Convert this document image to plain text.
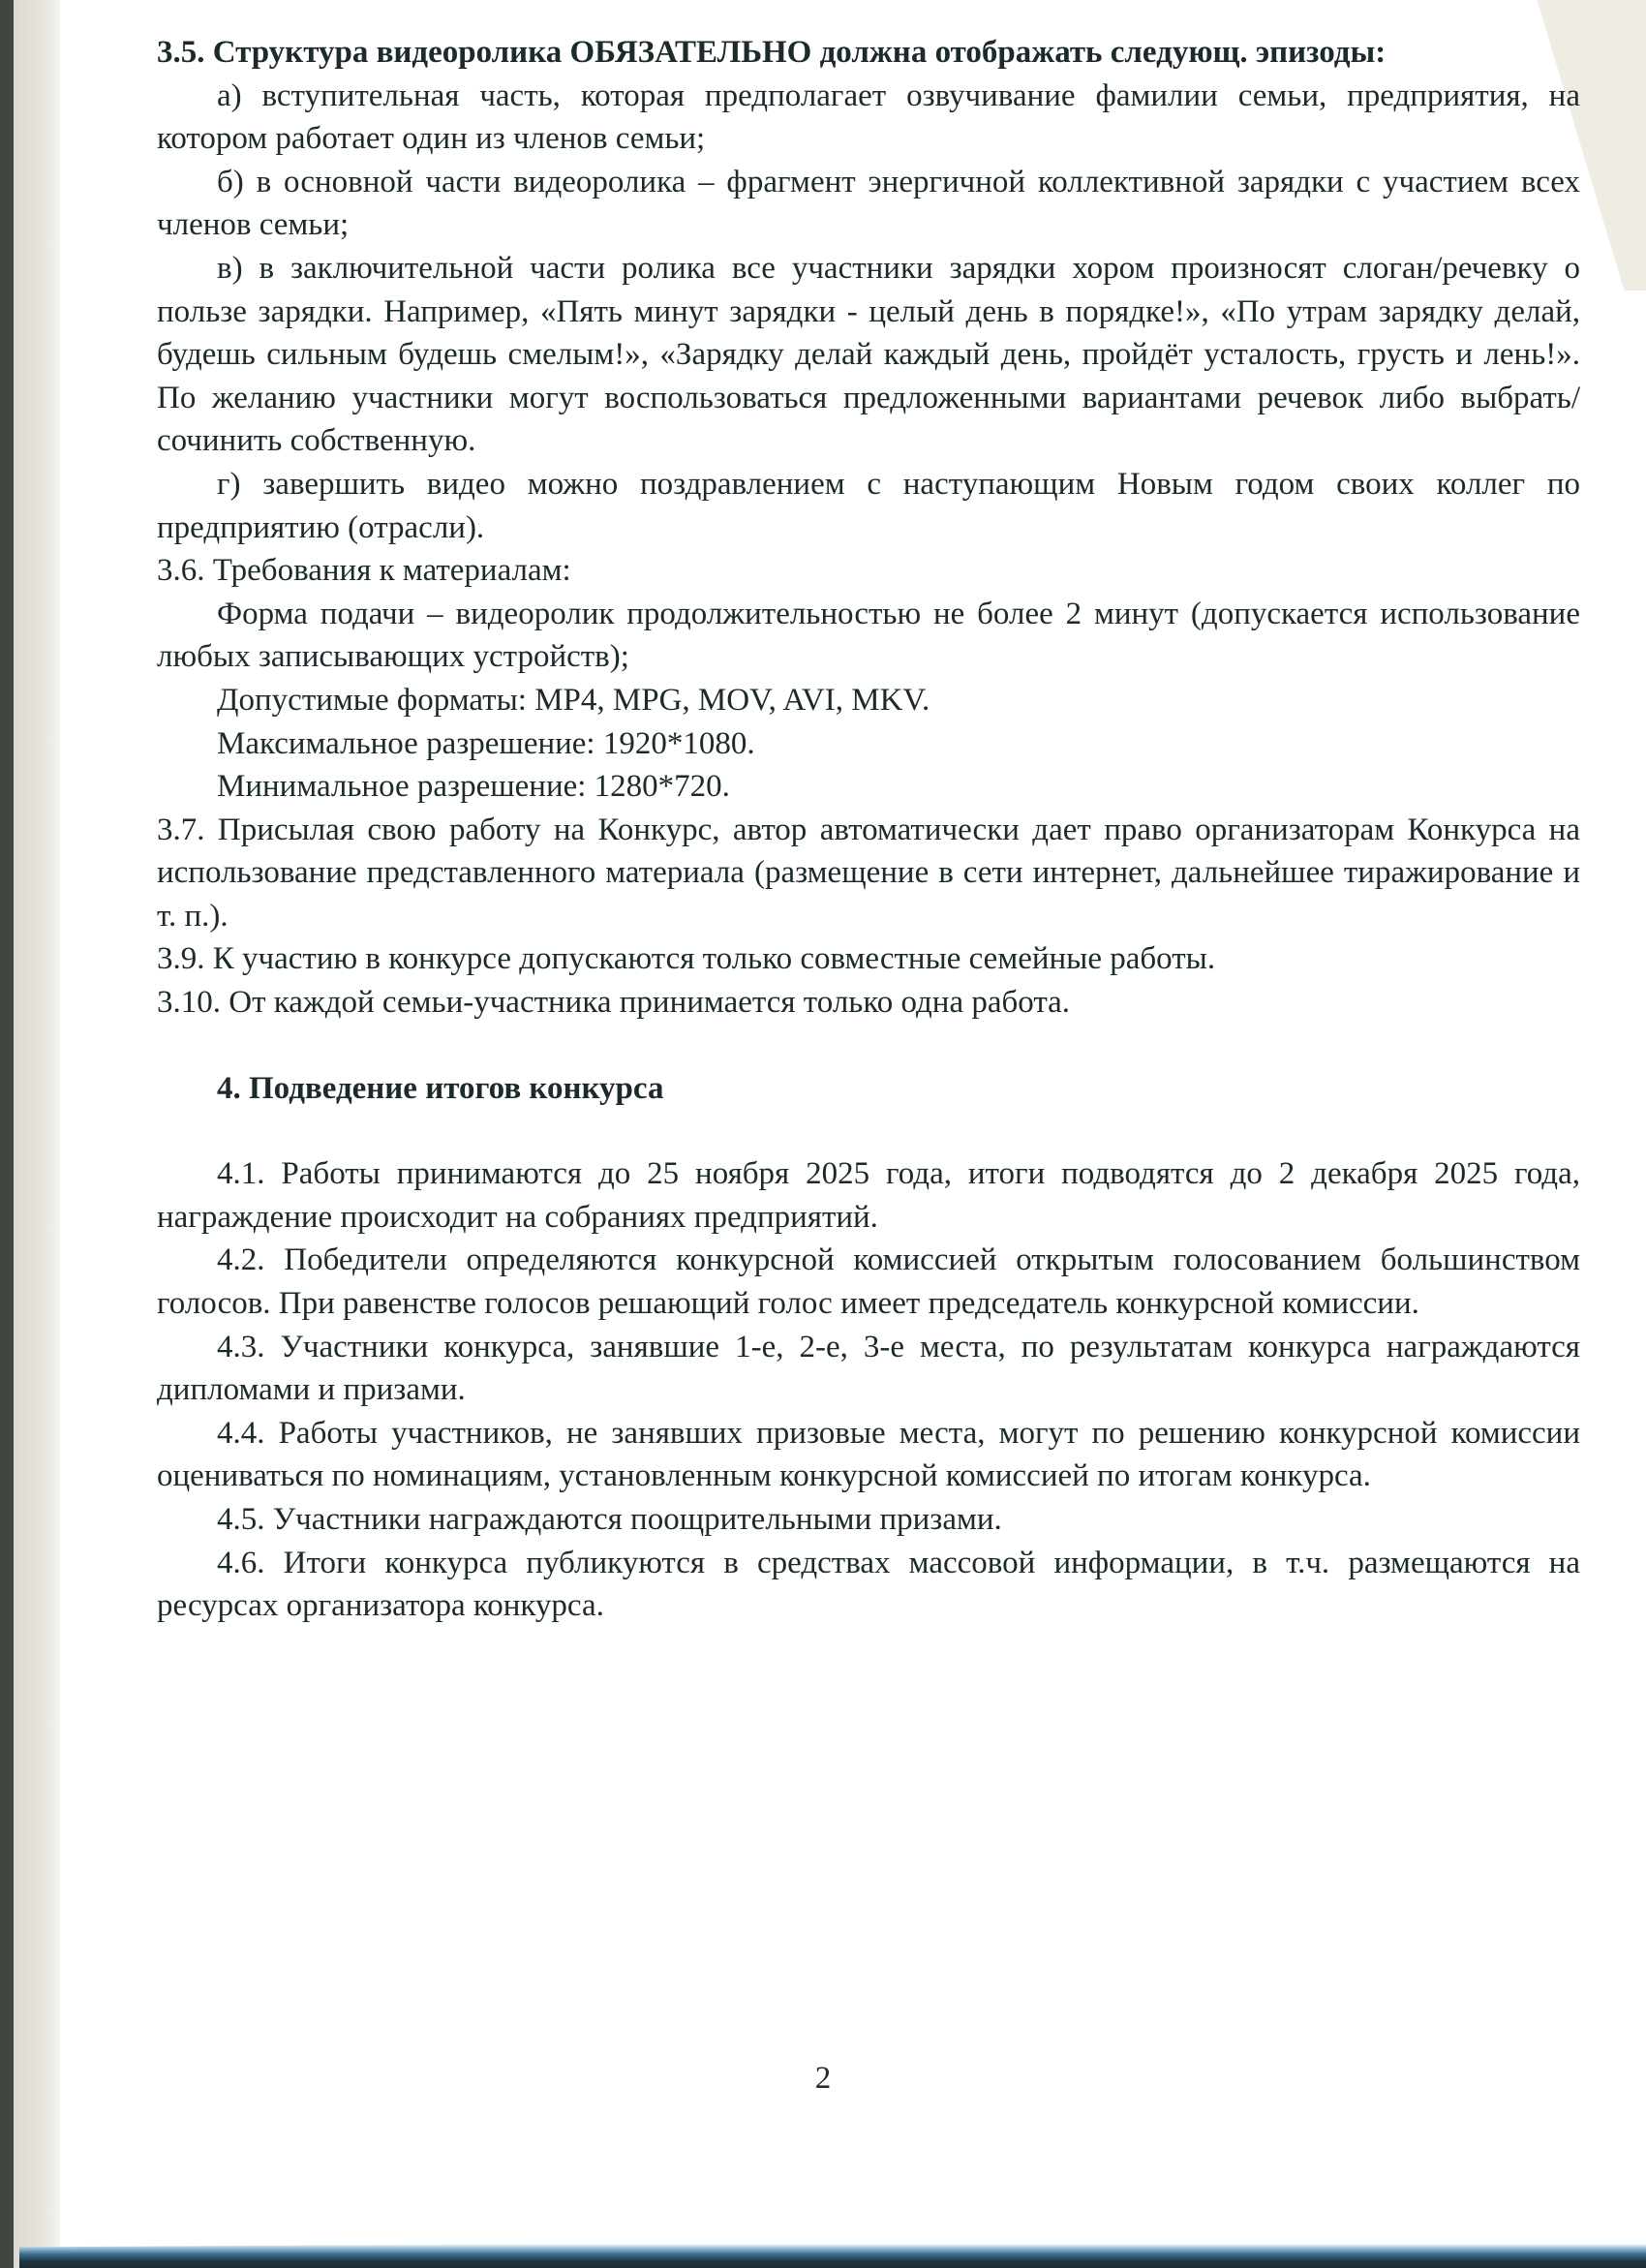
3.5. Структура видеоролика ОБЯЗАТЕЛЬНО должна отображать следующ. эпизоды:

а) вступительная часть, которая предполагает озвучивание фамилии семьи, предприятия, на котором работает один из членов семьи;

б) в основной части видеоролика – фрагмент энергичной коллективной зарядки с участием всех членов семьи;

в) в заключительной части ролика все участники зарядки хором произносят слоган/речевку о пользе зарядки. Например, «Пять минут зарядки - целый день в порядке!», «По утрам зарядку делай, будешь сильным будешь смелым!», «Зарядку делай каждый день, пройдёт усталость, грусть и лень!». По желанию участники могут воспользоваться предложенными вариантами речевок либо выбрать/сочинить собственную.

г) завершить видео можно поздравлением с наступающим Новым годом своих коллег по предприятию (отрасли).

3.6. Требования к материалам:

Форма подачи – видеоролик продолжительностью не более 2 минут (допускается использование любых записывающих устройств);

Допустимые форматы: MP4, MPG, MOV, AVI, MKV.

Максимальное разрешение: 1920*1080.

Минимальное разрешение: 1280*720.

3.7. Присылая свою работу на Конкурс, автор автоматически дает право организаторам Конкурса на использование представленного материала (размещение в сети интернет, дальнейшее тиражирование и т. п.).

3.9. К участию в конкурсе допускаются только совместные семейные работы.

3.10. От каждой семьи-участника принимается только одна работа.

4. Подведение итогов конкурса

4.1. Работы принимаются до 25 ноября 2025 года, итоги подводятся до 2 декабря 2025 года, награждение происходит на собраниях предприятий.

4.2. Победители определяются конкурсной комиссией открытым голосованием большинством голосов. При равенстве голосов решающий голос имеет председатель конкурсной комиссии.

4.3. Участники конкурса, занявшие 1-е, 2-е, 3-е места, по результатам конкурса награждаются дипломами и призами.

4.4. Работы участников, не занявших призовые места, могут по решению конкурсной комиссии оцениваться по номинациям, установленным конкурсной комиссией по итогам конкурса.

4.5. Участники награждаются поощрительными призами.

4.6. Итоги конкурса публикуются в средствах массовой информации, в т.ч. размещаются на ресурсах организатора конкурса.

2
